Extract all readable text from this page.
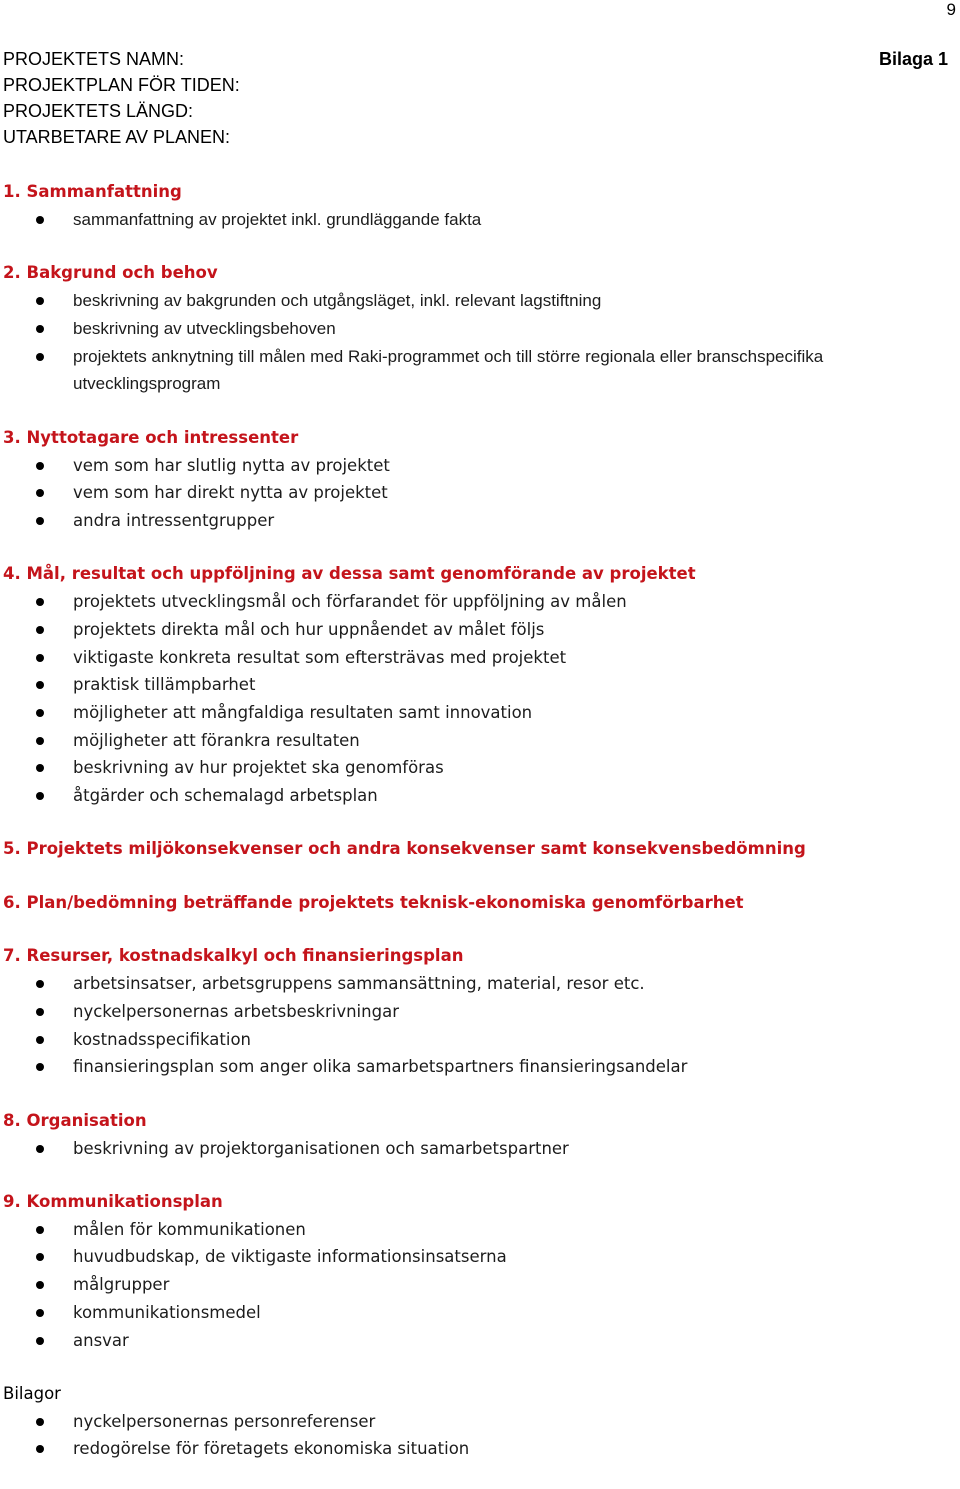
9
PROJEKTETS NAMN:	Bilaga 1
PROJEKTPLAN FÖR TIDEN:
PROJEKTETS LÄNGD:
UTARBETARE AV PLANEN:
1. Sammanfattning
sammanfattning av projektet inkl. grundläggande fakta
2. Bakgrund och behov
beskrivning av bakgrunden och utgångsläget, inkl. relevant lagstiftning
beskrivning av utvecklingsbehoven
projektets anknytning till målen med Raki-programmet och till större regionala eller branschspecifika utvecklingsprogram
3. Nyttotagare och intressenter
vem som har slutlig nytta av projektet
vem som har direkt nytta av projektet
andra intressentgrupper
4. Mål, resultat och uppföljning av dessa samt genomförande av projektet
projektets utvecklingsmål och förfarandet för uppföljning av målen
projektets direkta mål och hur uppnåendet av målet följs
viktigaste konkreta resultat som eftersträvas med projektet
praktisk tillämpbarhet
möjligheter att mångfaldiga resultaten samt innovation
möjligheter att förankra resultaten
beskrivning av hur projektet ska genomföras
åtgärder och schemalagd arbetsplan
5. Projektets miljökonsekvenser och andra konsekvenser samt konsekvensbedömning
6. Plan/bedömning beträffande projektets teknisk-ekonomiska genomförbarhet
7. Resurser, kostnadskalkyl och finansieringsplan
arbetsinsatser, arbetsgruppens sammansättning, material, resor etc.
nyckelpersonernas arbetsbeskrivningar
kostnadsspecifikation
finansieringsplan som anger olika samarbetspartners finansieringsandelar
8. Organisation
beskrivning av projektorganisationen och samarbetspartner
9. Kommunikationsplan
målen för kommunikationen
huvudbudskap, de viktigaste informationsinsatserna
målgrupper
kommunikationsmedel
ansvar
Bilagor
nyckelpersonernas personreferenser
redogörelse för företagets ekonomiska situation
